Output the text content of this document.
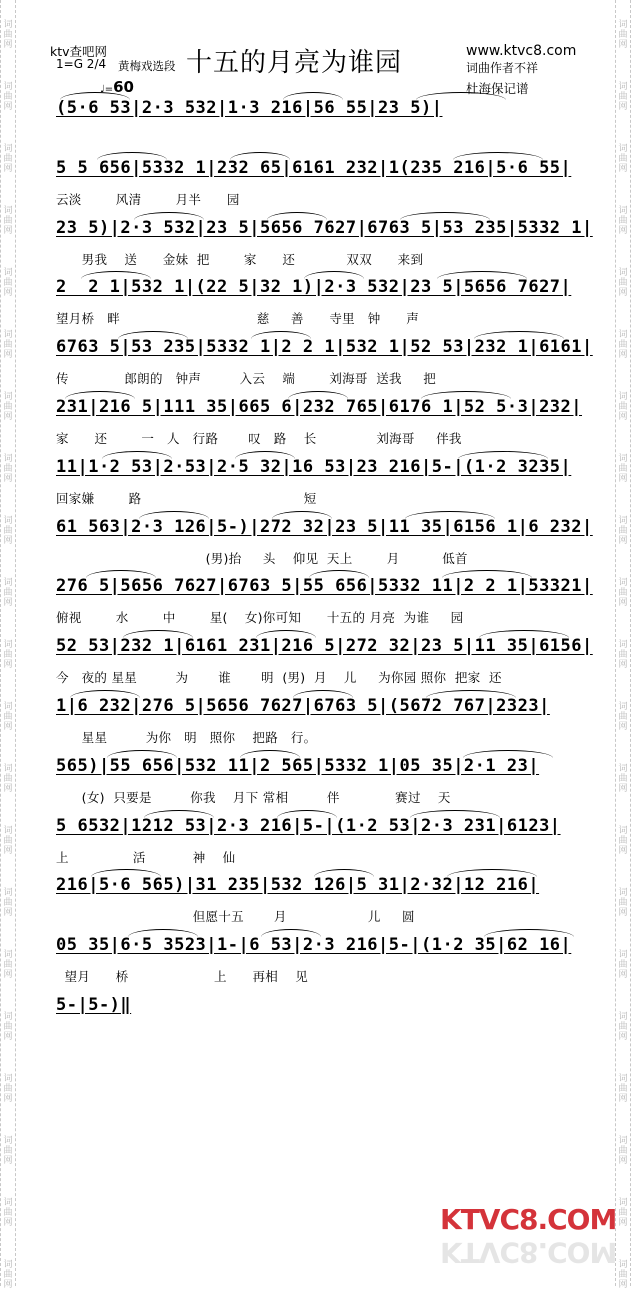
词
曲
网
词
曲
网
词
曲
网
词
曲
网
词
曲
网
词
曲
网
词
曲
网
词
曲
网
词
曲
网
词
曲
网
词
曲
网
词
曲
网
词
曲
网
词
曲
网
词
曲
网
词
曲
网
词
曲
网
词
曲
网
词
曲
网
词
曲
网
词
曲
网
词
曲
网
词
曲
网
词
曲
网
词
曲
网
词
曲
网
词
曲
网
词
曲
网
词
曲
网
词
曲
网
词
曲
网
词
曲
网
词
曲
网
词
曲
网
词
曲
网
词
曲
网
词
曲
网
词
曲
网
词
曲
网
词
曲
网
词
曲
网
词
曲
网
ktv查吧网
1=G 2/4 黄梅戏选段 十五的月亮为谁园	www.ktvc8.com
词曲作者不祥
杜海保记谱
♩=60
(5·6 53|2·3 532|1·3 216|56 55|23 5)|
5 5 656|5332 1|232 65|6161 232|1(235 216|5·6 55|
云淡        风清        月半      园
23 5)|2·3 532|23 5|5656 7627|6763 5|53 235|5332 1|
男我    送      金妹  把        家      还            双双      来到
2  2 1|532 1|(22 5|32 1)|2·3 532|23 5|5656 7627|
望月桥   畔                                慈     善      寺里   钟      声
6763 5|53 235|5332 1|2 2 1|532 1|52 53|232 1|6161|
传             郎朗的   钟声         入云    端        刘海哥  送我     把
231|216 5|111 35|665 6|232 765|6176 1|52 5·3|232|
家      还        一   人   行路       叹   路    长              刘海哥     伴我
11|1·2 53|2·53|2·5 32|16 53|23 216|5-|(1·2 3235|
回家嫌        路                                      短
61 563|2·3 126|5-)|272 32|23 5|11 35|6156 1|6 232|
(男)抬     头    仰见  天上        月          低首
276 5|5656 7627|6763 5|55 656|5332 11|2 2 1|53321|
俯视        水        中        星(    女)你可知      十五的 月亮  为谁     园
52 53|232 1|6161 231|216 5|272 32|23 5|11 35|6156|
今   夜的 星星         为       谁       明  (男)  月    儿     为你园 照你  把家  还
1|6 232|276 5|5656 7627|6763 5|(5672 767|2323|
星星         为你   明   照你    把路   行。
565)|55 656|532 11|2 565|5332 1|05 35|2·1 23|
(女)  只要是         你我    月下 常相         伴             赛过    天
5 6532|1212 53|2·3 216|5-|(1·2 53|2·3 231|6123|
上               活           神    仙
216|5·6 565)|31 235|532 126|5 31|2·32|12 216|
但愿十五       月                   儿     圆
05 35|6·5 3523|1-|6 53|2·3 216|5-|(1·2 35|62 16|
望月      桥                    上      再相    见
5-|5-)‖
KTVC8.COM
KTVC8.COM
